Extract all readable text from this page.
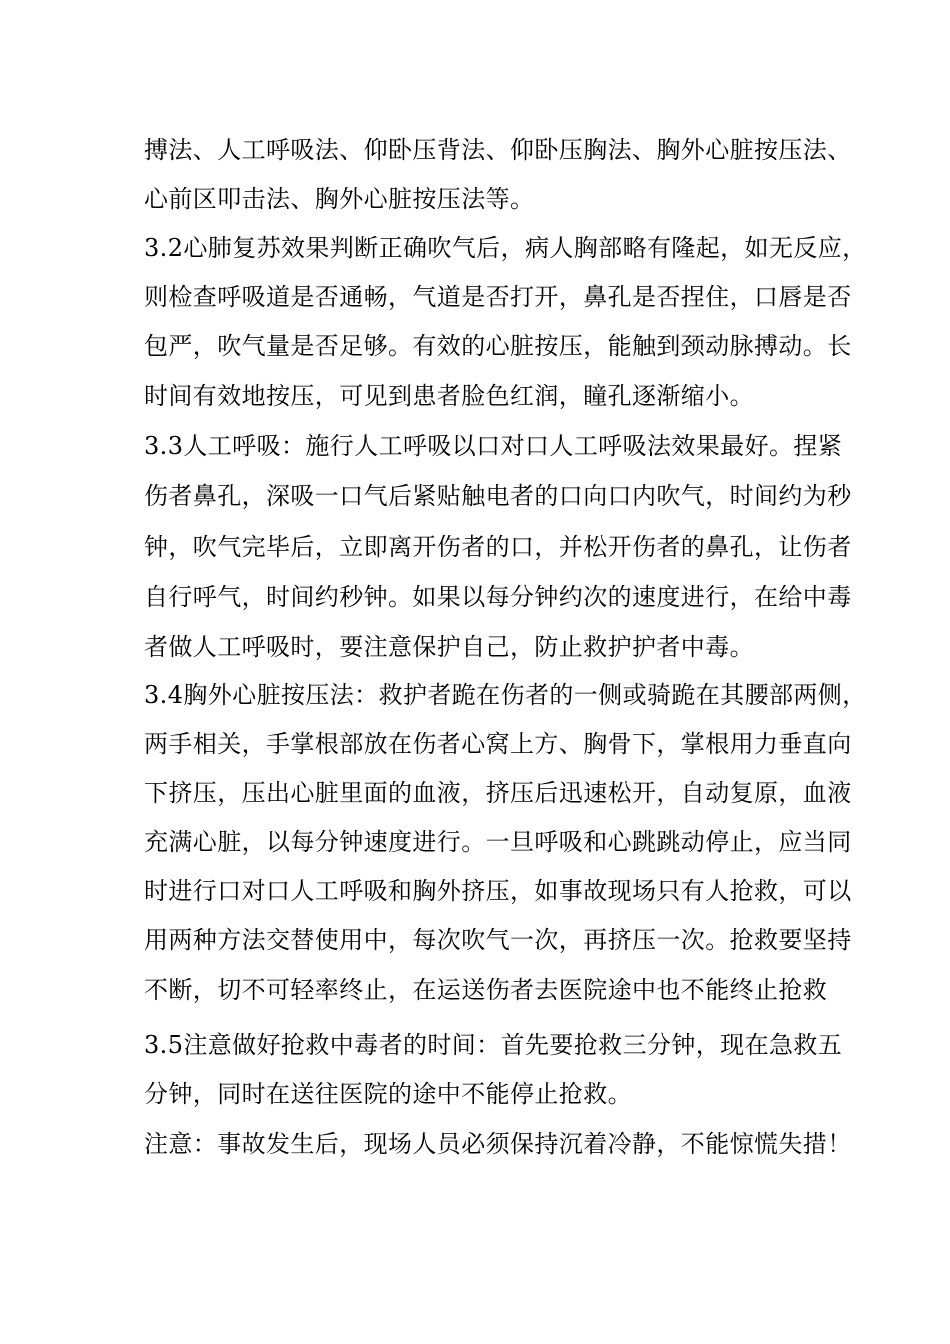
搏法、人工呼吸法、仰卧压背法、仰卧压胸法、胸外心脏按压法、
心前区叩击法、胸外心脏按压法等。
3.2心肺复苏效果判断正确吹气后，病人胸部略有隆起，如无反应，
则检查呼吸道是否通畅，气道是否打开，鼻孔是否捏住，口唇是否
包严，吹气量是否足够。有效的心脏按压，能触到颈动脉搏动。长
时间有效地按压，可见到患者脸色红润，瞳孔逐渐缩小。
3.3人工呼吸：施行人工呼吸以口对口人工呼吸法效果最好。捏紧
伤者鼻孔，深吸一口气后紧贴触电者的口向口内吹气，时间约为秒
钟，吹气完毕后，立即离开伤者的口，并松开伤者的鼻孔，让伤者
自行呼气，时间约秒钟。如果以每分钟约次的速度进行，在给中毒
者做人工呼吸时，要注意保护自己，防止救护护者中毒。
3.4胸外心脏按压法：救护者跪在伤者的一侧或骑跪在其腰部两侧，
两手相关，手掌根部放在伤者心窝上方、胸骨下，掌根用力垂直向
下挤压，压出心脏里面的血液，挤压后迅速松开，自动复原，血液
充满心脏，以每分钟速度进行。一旦呼吸和心跳跳动停止，应当同
时进行口对口人工呼吸和胸外挤压，如事故现场只有人抢救，可以
用两种方法交替使用中，每次吹气一次，再挤压一次。抢救要坚持
不断，切不可轻率终止，在运送伤者去医院途中也不能终止抢救
3.5注意做好抢救中毒者的时间：首先要抢救三分钟，现在急救五
分钟，同时在送往医院的途中不能停止抢救。
注意：事故发生后，现场人员必须保持沉着冷静，不能惊慌失措！
